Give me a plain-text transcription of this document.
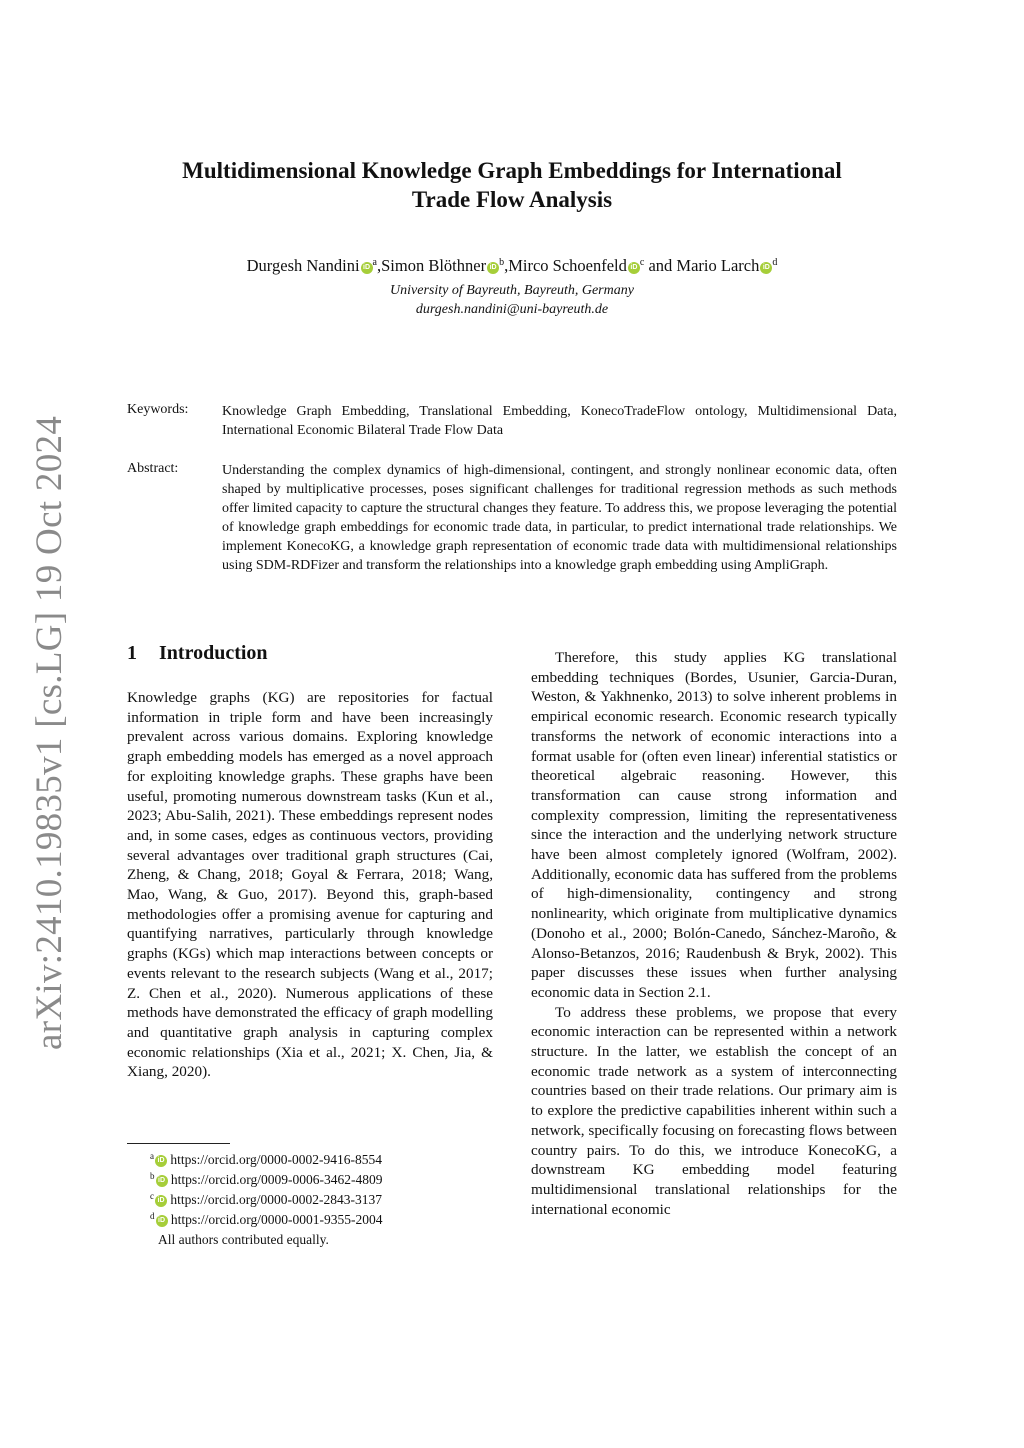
arXiv:2410.19835v1 [cs.LG] 19 Oct 2024
Multidimensional Knowledge Graph Embeddings for International
Trade Flow Analysis
Durgesh Nandini iD $^a$,Simon Blöthner iD $^b$,Mirco Schoenfeld iD $^c$ and Mario Larch iD $^d$
University of Bayreuth, Bayreuth, Germany
durgesh.nandini@uni-bayreuth.de
Keywords: Knowledge Graph Embedding, Translational Embedding, KonecoTradeFlow ontology, Multidimensional Data, International Economic Bilateral Trade Flow Data
Abstract:	Understanding the complex dynamics of high-dimensional, contingent, and strongly nonlinear economic data, often shaped by multiplicative processes, poses significant challenges for traditional regression methods as such methods offer limited capacity to capture the structural changes they feature. To address this, we propose leveraging the potential of knowledge graph embeddings for economic trade data, in particular, to predict international trade relationships. We implement KonecoKG, a knowledge graph representation of economic trade data with multidimensional relationships using SDM-RDFizer and transform the relationships into a knowledge graph embedding using AmpliGraph.
1 Introduction

Knowledge graphs (KG) are repositories for factual information in triple form and have been increasingly prevalent across various domains. Exploring knowledge graph embedding models has emerged as a novel approach for exploiting knowledge graphs. These graphs have been useful, promoting numerous downstream tasks (Kun et al., 2023; Abu-Salih, 2021). These embeddings represent nodes and, in some cases, edges as continuous vectors, providing several advantages over traditional graph structures (Cai, Zheng, & Chang, 2018; Goyal & Ferrara, 2018; Wang, Mao, Wang, & Guo, 2017). Beyond this, graph-based methodologies offer a promising avenue for capturing and quantifying narratives, particularly through knowledge graphs (KGs) which map interactions between concepts or events relevant to the research subjects (Wang et al., 2017; Z. Chen et al., 2020). Numerous applications of these methods have demonstrated the efficacy of graph modelling and quantitative graph analysis in capturing complex economic relationships (Xia et al., 2021; X. Chen, Jia, & Xiang, 2020).

Therefore, this study applies KG translational embedding techniques (Bordes, Usunier, Garcia-Duran, Weston, & Yakhnenko, 2013) to solve inherent problems in empirical economic research. Economic research typically transforms the network of economic interactions into a format usable for (often even linear) inferential statistics or theoretical algebraic reasoning. However, this transformation can cause strong information and complexity compression, limiting the representativeness since the interaction and the underlying network structure have been almost completely ignored (Wolfram, 2002). Additionally, economic data has suffered from the problems of high-dimensionality, contingency and strong nonlinearity, which originate from multiplicative dynamics (Donoho et al., 2000; Bolón-Canedo, Sánchez-Maroño, & Alonso-Betanzos, 2016; Raudenbush & Bryk, 2002). This paper discusses these issues when further analysing economic data in Section 2.1.

To address these problems, we propose that every economic interaction can be represented within a network structure. In the latter, we establish the concept of an economic trade network as a system of interconnecting countries based on their trade relations. Our primary aim is to explore the predictive capabilities inherent within such a network, specifically focusing on forecasting flows between country pairs. To do this, we introduce KonecoKG, a downstream KG embedding model featuring multidimensional translational relationships for the international economic

$^a$ iD https://orcid.org/0000-0002-9416-8554
$^b$ iD https://orcid.org/0009-0006-3462-4809
$^c$ iD https://orcid.org/0000-0002-2843-3137
$^d$ iD https://orcid.org/0000-0001-9355-2004
All authors contributed equally.
